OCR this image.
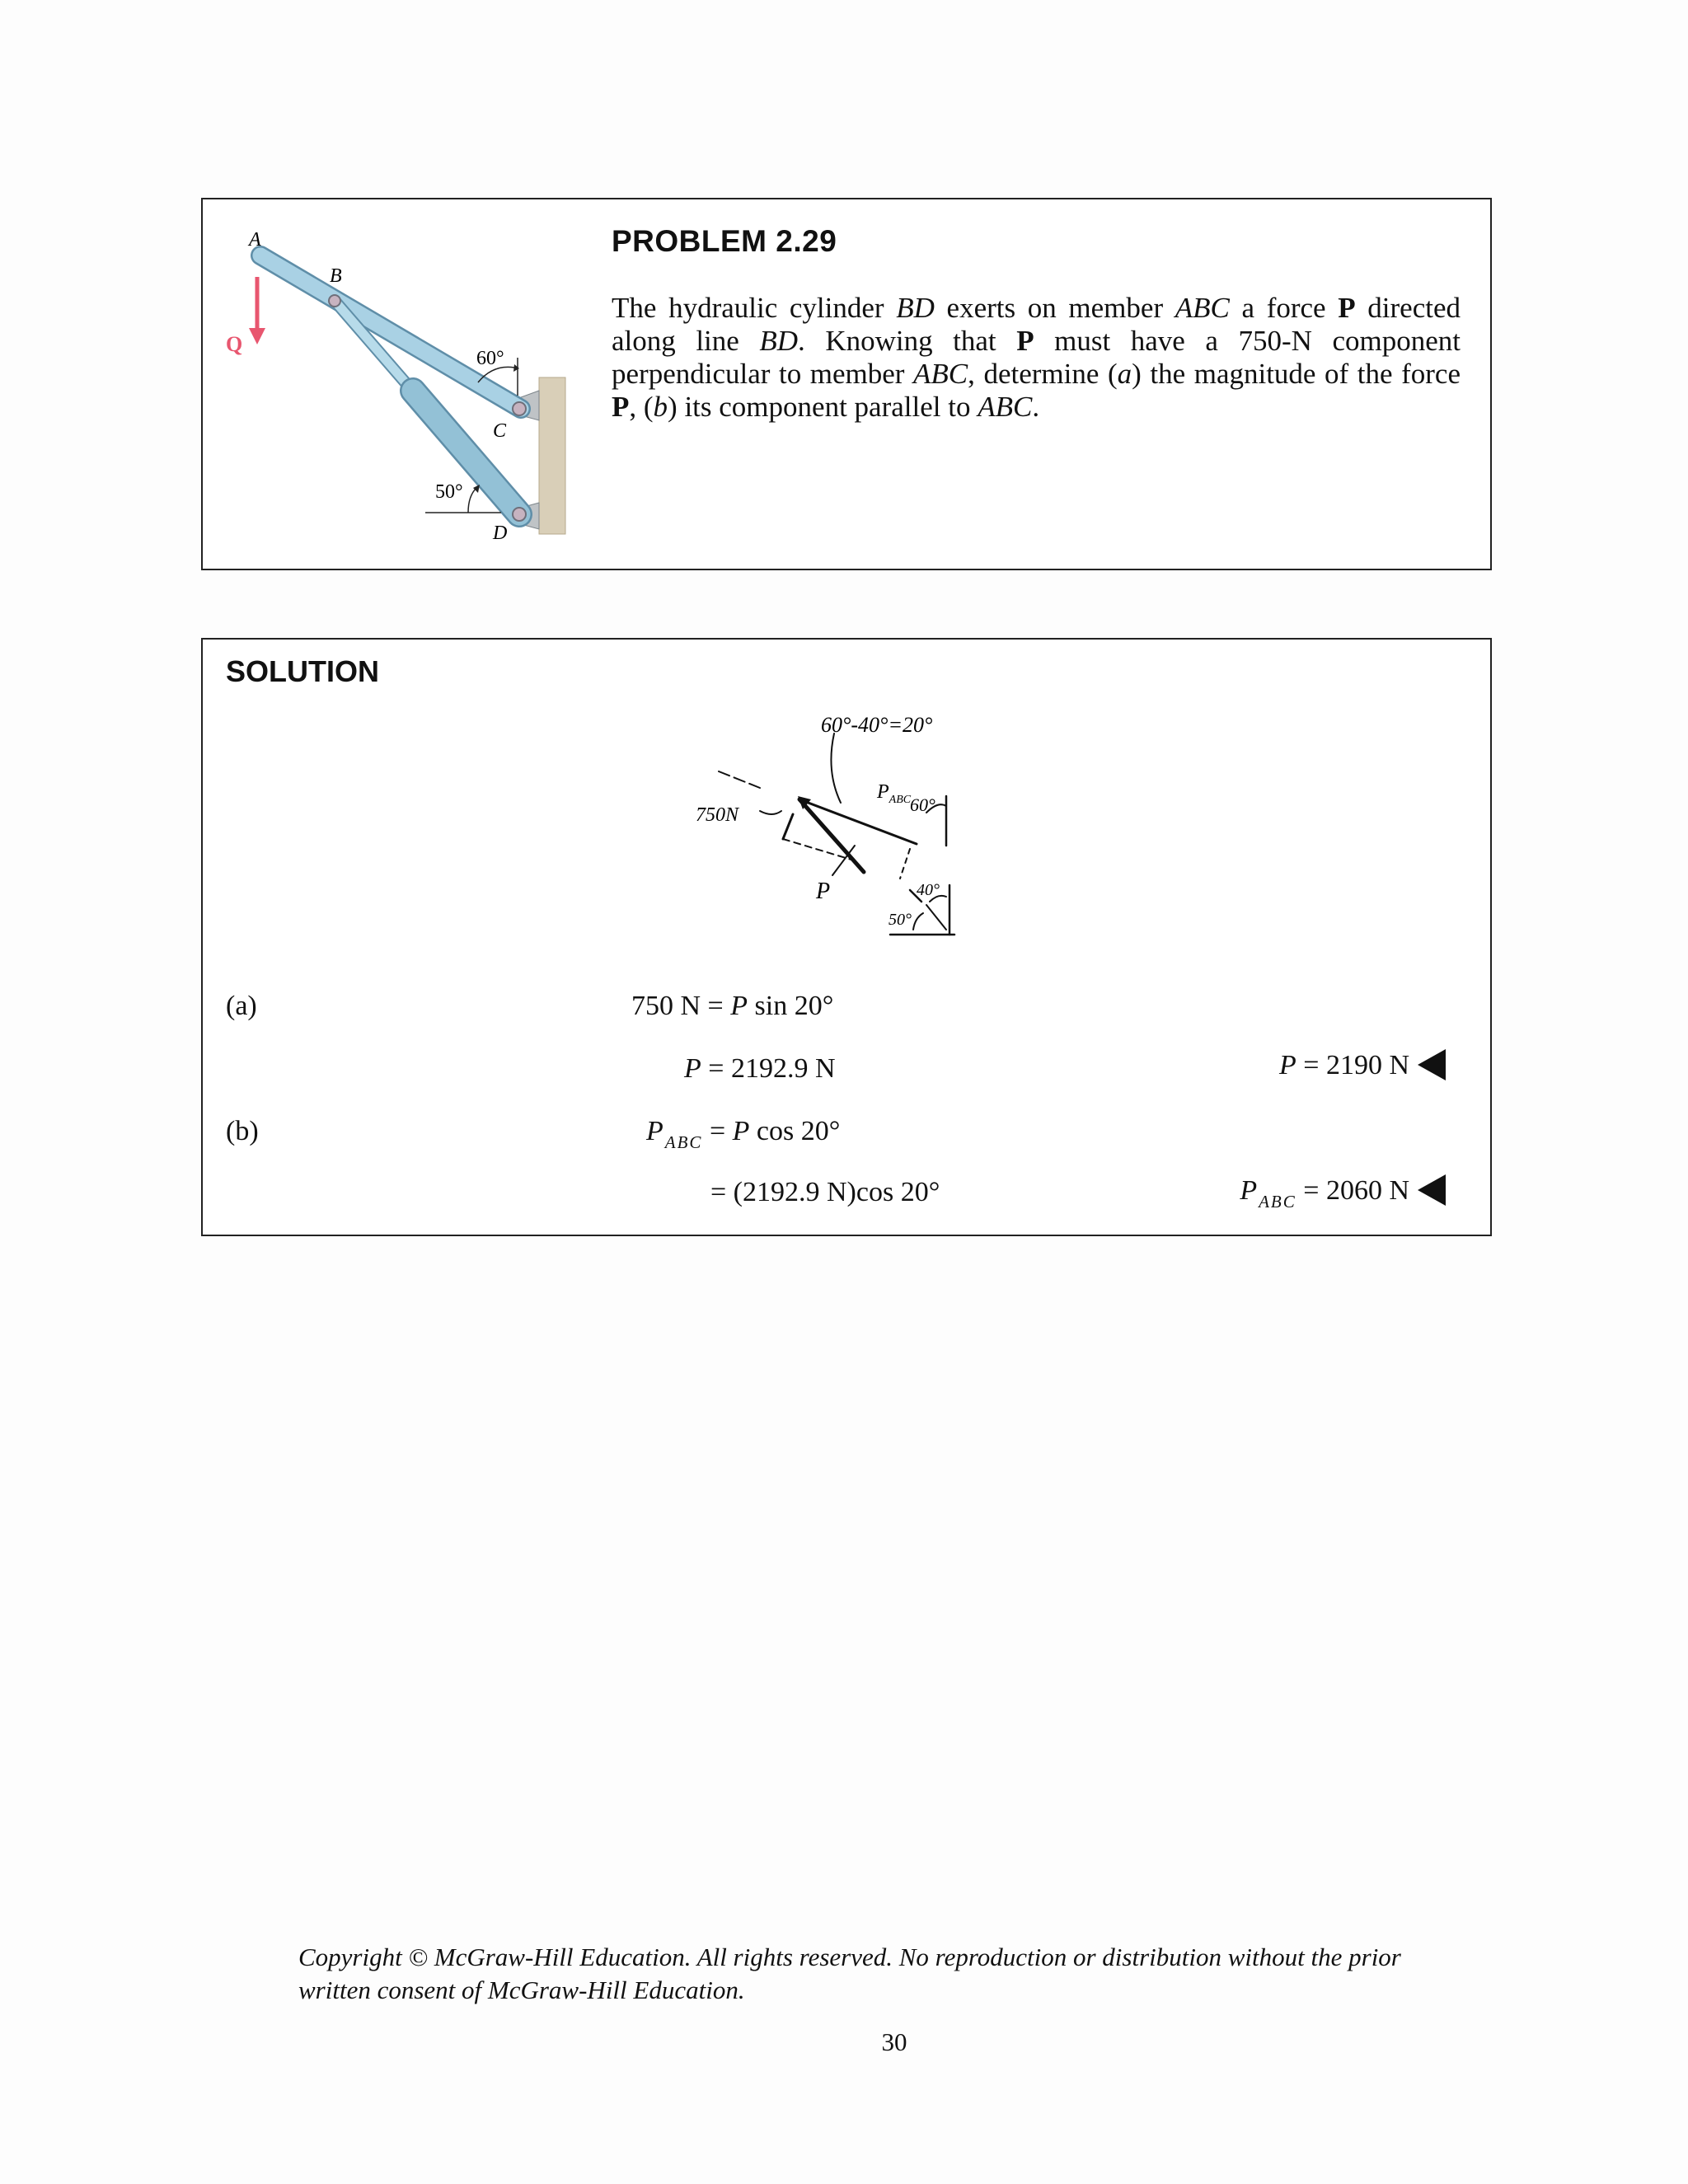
Q
A
B
C
D
60°
50°
PROBLEM 2.29
The hydraulic cylinder BD exerts on member ABC a force P directed along line BD. Knowing that P must have a 750-N component perpendicular to member ABC, determine (a) the magnitude of the force P, (b) its component parallel to ABC.
SOLUTION
60°-40°=20°
750N
$P_{ABC}$
P
60°
40°
50°
(a)	750 N = P sin 20°
P = 2192.9 N	P = 2190 N
(b)	$P_{ABC} = P$ cos 20°
= (2192.9 N)cos 20°	$P_{ABC} = 2060$ N
Copyright © McGraw-Hill Education. All rights reserved. No reproduction or distribution without the prior
written consent of McGraw-Hill Education.
30
